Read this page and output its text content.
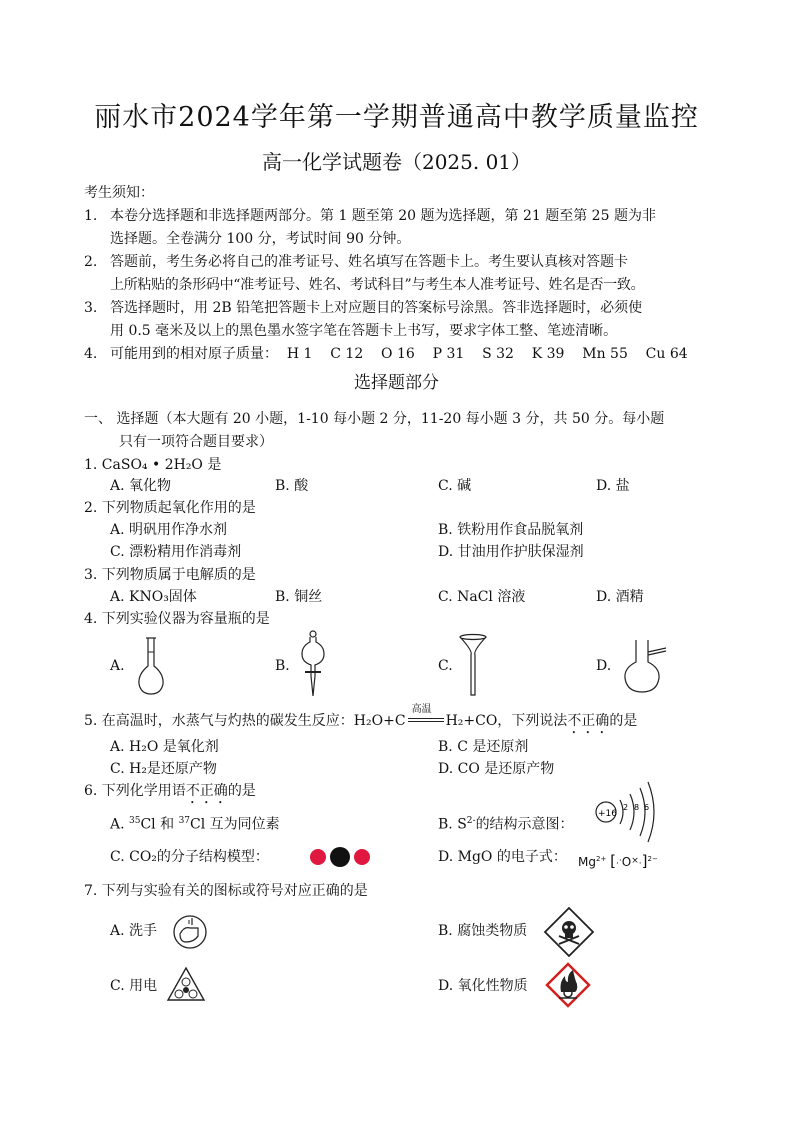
丽水市2024学年第一学期普通高中教学质量监控
高一化学试题卷（2025. 01）
考生须知：
1. 本卷分选择题和非选择题两部分。第 1 题至第 20 题为选择题，第 21 题至第 25 题为非
选择题。全卷满分 100 分，考试时间 90 分钟。
2. 答题前，考生务必将自己的准考证号、姓名填写在答题卡上。考生要认真核对答题卡
上所粘贴的条形码中“准考证号、姓名、考试科目”与考生本人准考证号、姓名是否一致。
3. 答选择题时，用 2B 铅笔把答题卡上对应题目的答案标号涂黑。答非选择题时，必须使
用 0.5 毫米及以上的黑色墨水签字笔在答题卡上书写，要求字体工整、笔迹清晰。
4. 可能用到的相对原子质量：  H 1    C 12    O 16    P 31    S 32    K 39    Mn 55    Cu 64
选择题部分
一、 选择题（本大题有 20 小题，1-10 每小题 2 分，11-20 每小题 3 分，共 50 分。每小题
只有一项符合题目要求）
1. CaSO₄ • 2H₂O 是
A. 氧化物	B. 酸	C. 碱	D. 盐
2. 下列物质起氧化作用的是
A. 明矾用作净水剂	B. 铁粉用作食品脱氧剂
C. 漂粉精用作消毒剂	D. 甘油用作护肤保湿剂
3. 下列物质属于电解质的是
A. KNO₃固体	B. 铜丝	C. NaCl 溶液	D. 酒精
4. 下列实验仪器为容量瓶的是
A.	B.	C.	D.
5. 在高温时，水蒸气与灼热的碳发生反应：H₂O+C
高温
H₂+CO，下列说法不正确的是
A. H₂O 是氧化剂	B. C 是还原剂
C. H₂是还原产物	D. CO 是还原产物
6. 下列化学用语不正确的是
A. $^{35}$Cl 和 $^{37}$Cl 互为同位素	B. $S^{2-}$的结构示意图：
+16
2 8 6
C. CO₂的分子结构模型：	D. MgO 的电子式： $Mg^{2+}$ $[\cdot^\cdot O^\times\cdot]^{2-}$
7. 下列与实验有关的图标或符号对应正确的是
A. 洗手	B. 腐蚀类物质
C. 用电	D. 氧化性物质
